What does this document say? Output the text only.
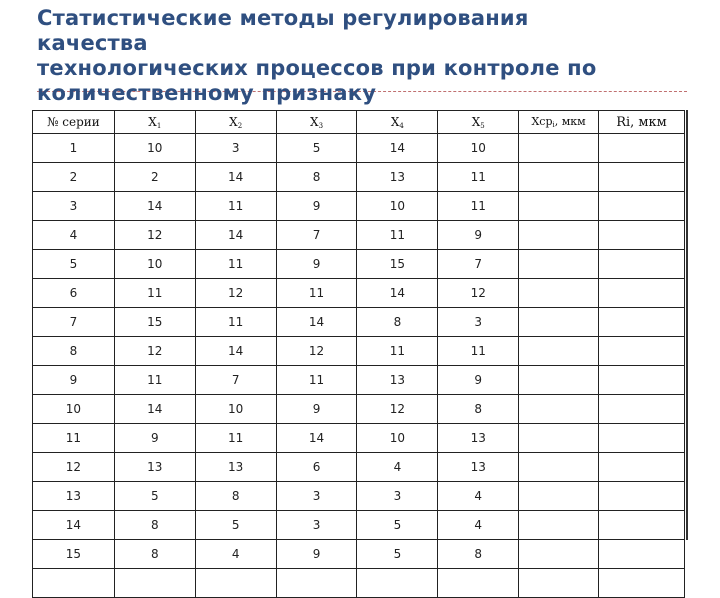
Статистические методы регулирования
качества
технологических процессов при контроле по
количественному признаку
№ серии	$X_1$	$X_2$	$X_3$	$X_4$	$X_5$	Xср$_i$, мкм	Ri, мкм
1	10	3	5	14	10		
2	2	14	8	13	11		
3	14	11	9	10	11		
4	12	14	7	11	9		
5	10	11	9	15	7		
6	11	12	11	14	12		
7	15	11	14	8	3		
8	12	14	12	11	11		
9	11	7	11	13	9		
10	14	10	9	12	8		
11	9	11	14	10	13		
12	13	13	6	4	13		
13	5	8	3	3	4		
14	8	5	3	5	4		
15	8	4	9	5	8		
